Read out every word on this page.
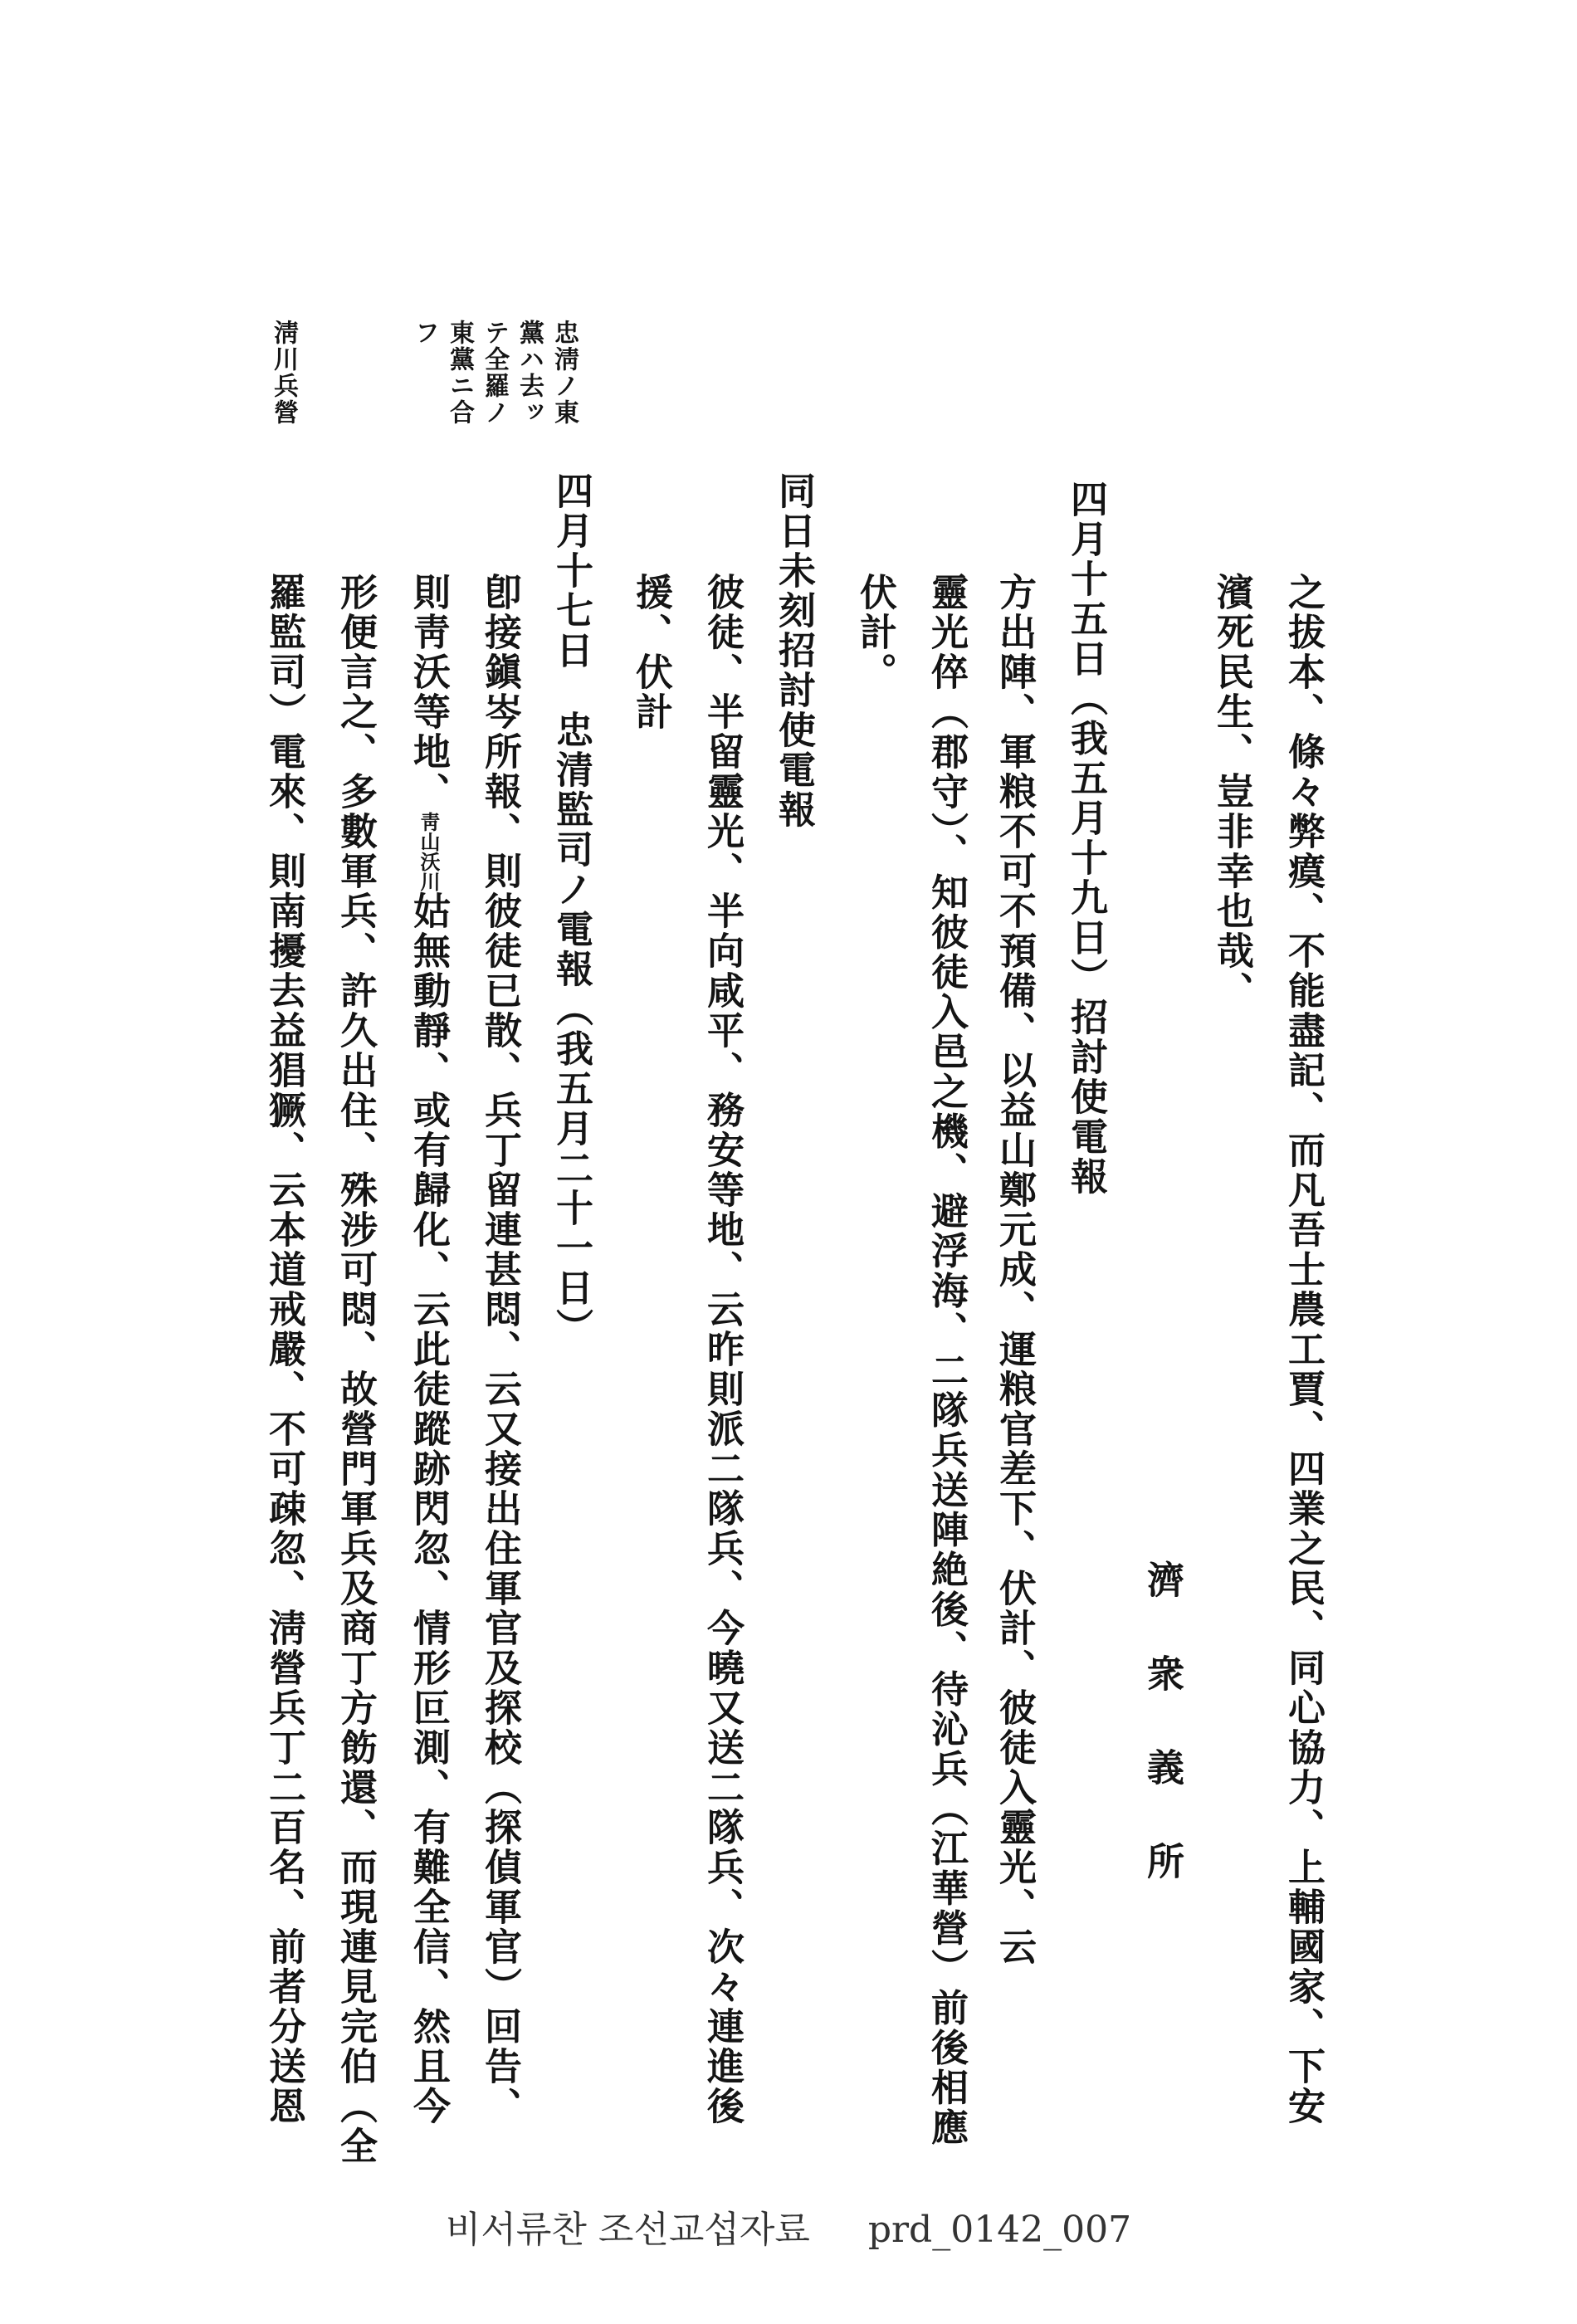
之拔本、條々弊瘼、不能盡記、而凡吾士農工賈、四業之民、同心協力、上輔國家、下安
濱死民生、豈非幸也哉、
濟衆義所
四月十五日（我五月十九日）招討使電報
方出陣、軍粮不可不預備、以益山鄭元成、運粮官差下、伏計、彼徒入靈光、云
靈光倅（郡守）、知彼徒入邑之機、避浮海、二隊兵送陣絶後、待沁兵（江華營）前後相應
伏計。
同日未刻招討使電報
彼徒、半留靈光、半向咸平、務安等地、云昨則派二隊兵、今曉又送二隊兵、次々連進後
援、伏計
四月十七日　忠清監司ノ電報（我五月二十一日）
卽接鎭岑所報、則彼徒已散、兵丁留連甚悶、云又接出住軍官及探校（探偵軍官）回告、
則靑沃等地、靑山沃川姑無動靜、或有歸化、云此徒蹤跡閃忽、情形叵測、有難全信、然且今
形便言之、多數軍兵、許久出住、殊涉可悶、故營門軍兵及商丁方飭還、而現連見完伯（全
羅監司）電來、則南擾去益猖獗、云本道戒嚴、不可疎忽、淸營兵丁二百名、前者分送恩
忠淸ノ東
黨ハ去ッ
テ全羅ノ
東黨ニ合
フ
淸川兵營
비서류찬 조선교섭자료 prd_0142_007
